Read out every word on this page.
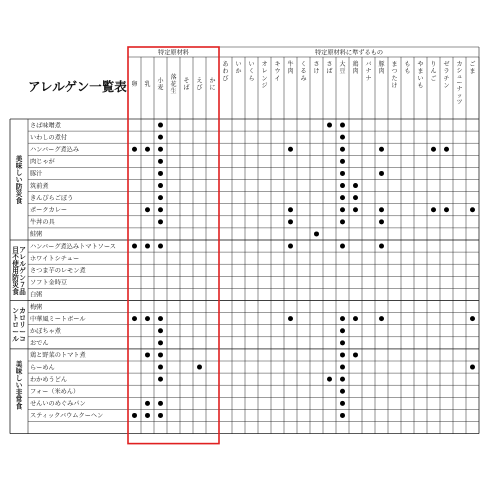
アレルゲン一覧表 卵 乳
小麦
落花生
そば
えび
かに
あわび
いか
いくら
オレンジ
キウイ
牛肉
くるみ
さけ
さば
大豆
鶏肉
バナナ
豚肉
まつたけ
もも
やまいも
りんご
ゼラチン
カシューナッツ
ごま
美味しい防災食
アレルゲン７品目不使用防災食
カロリーコントロール
美味しい非常食
さば味噌煮
いわしの煮付
ハンバーグ煮込み
肉じゃが
豚汁
筑前煮
きんぴらごぼう
ポークカレー
牛丼の具
鮭粥
ハンバーグ煮込みトマトソース
ホワイトシチュー
さつま芋のレモン煮
ソフト金時豆
白粥
梅粥
中華風ミートボール
かぼちゃ煮
おでん
鶏と野菜のトマト煮
らーめん
わかめうどん
フォー（米めん）
せんいのめぐみパン
スティックバウムクーヘン
特定原材料	特定原材料に準ずるもの
